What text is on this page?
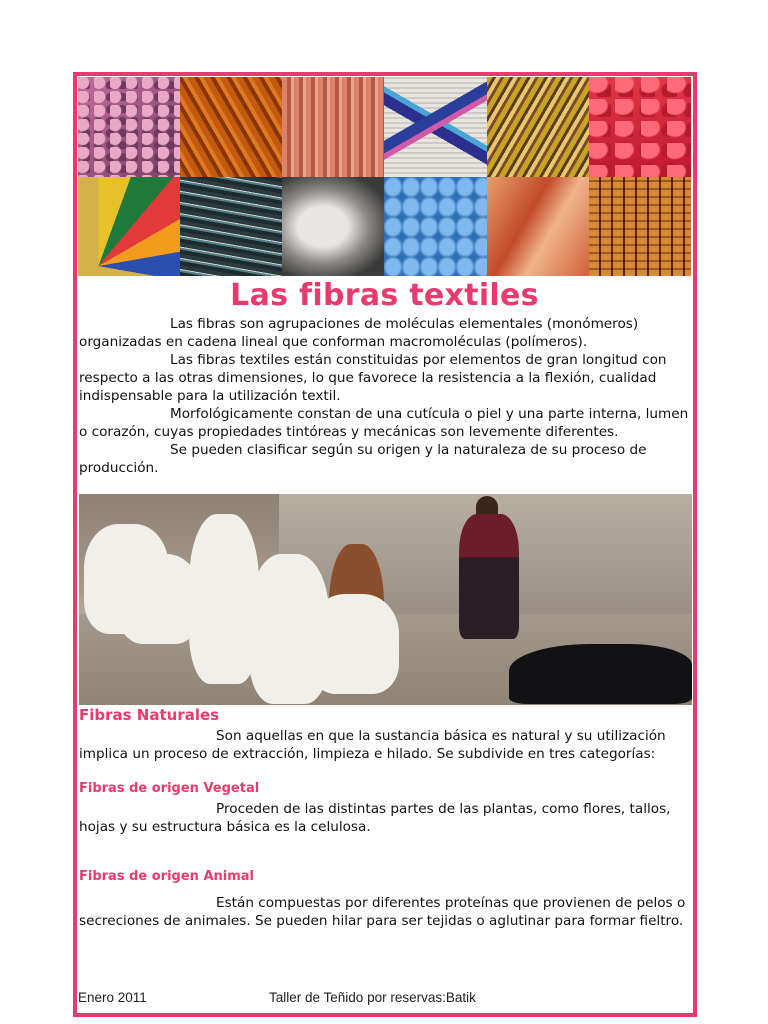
Las fibras textiles

Las fibras son agrupaciones de moléculas elementales (monómeros) organizadas en cadena lineal que conforman macromoléculas (polímeros).

Las fibras textiles están constituidas por elementos de gran longitud con respecto a las otras dimensiones, lo que favorece la resistencia a la flexión, cualidad indispensable para la utilización textil.

Morfológicamente constan de una cutícula o piel y una parte interna, lumen o corazón, cuyas propiedades tintóreas y mecánicas son levemente diferentes.

Se pueden clasificar según su origen y la naturaleza de su proceso de producción.

Fibras Naturales

Son aquellas en que la sustancia básica es natural y su utilización implica un proceso de extracción, limpieza e hilado. Se subdivide en tres categorías:

Fibras de origen Vegetal

Proceden de las distintas partes de las plantas, como flores, tallos, hojas y su estructura básica es la celulosa.

Fibras de origen Animal

Están compuestas por diferentes proteínas que provienen de pelos o secreciones de animales. Se pueden hilar para ser tejidas o aglutinar para formar fieltro.

Enero 2011	Taller de Teñido por reservas:Batik
